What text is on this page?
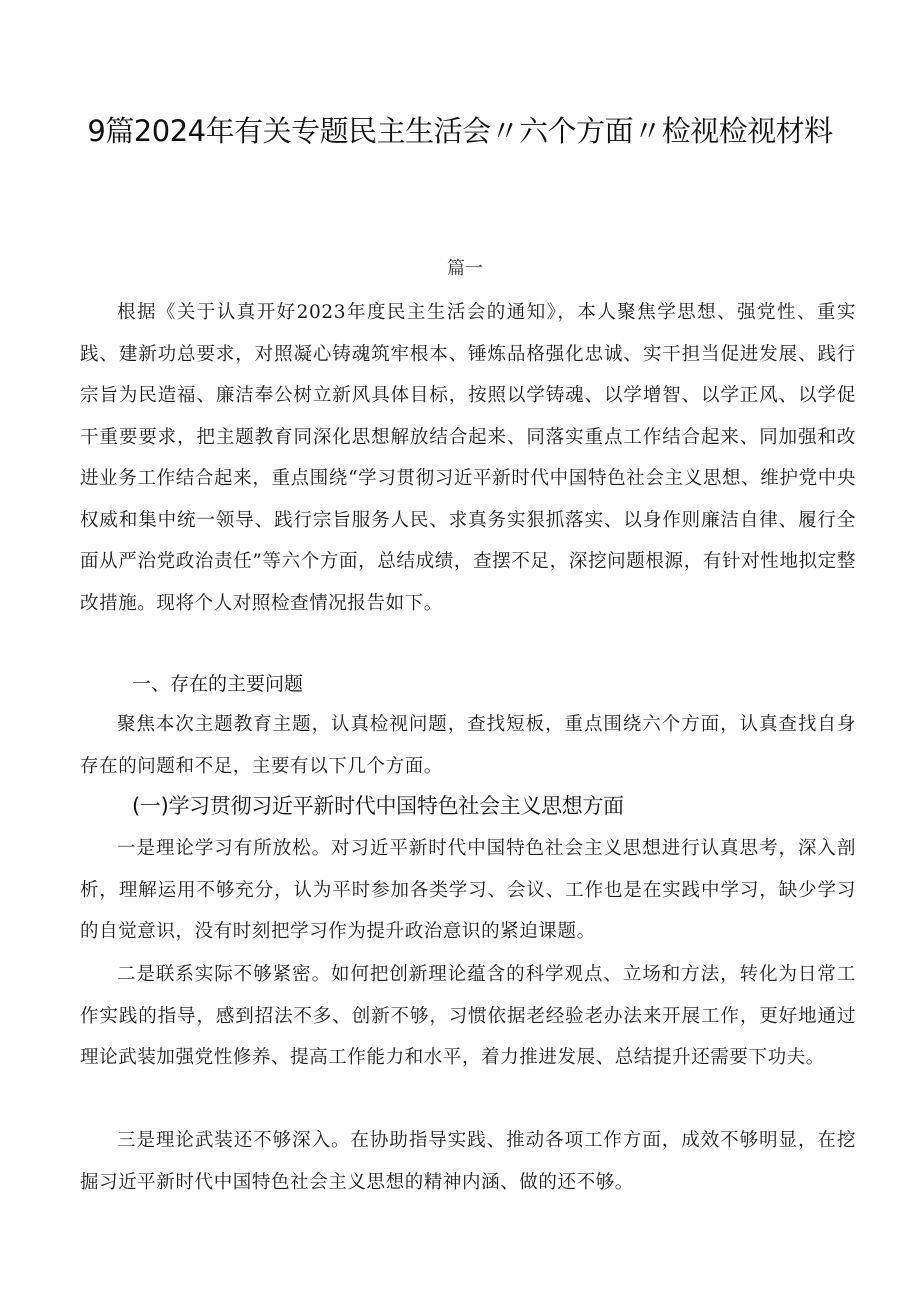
9篇2024年有关专题民主生活会〃六个方面〃检视检视材料
篇一

根据《关于认真开好2023年度民主生活会的通知》，本人聚焦学思想、强党性、重实践、建新功总要求，对照凝心铸魂筑牢根本、锤炼品格强化忠诚、实干担当促进发展、践行宗旨为民造福、廉洁奉公树立新风具体目标，按照以学铸魂、以学增智、以学正风、以学促干重要要求，把主题教育同深化思想解放结合起来、同落实重点工作结合起来、同加强和改进业务工作结合起来，重点围绕“学习贯彻习近平新时代中国特色社会主义思想、维护党中央权威和集中统一领导、践行宗旨服务人民、求真务实狠抓落实、以身作则廉洁自律、履行全面从严治党政治责任”等六个方面，总结成绩，查摆不足，深挖问题根源，有针对性地拟定整改措施。现将个人对照检查情况报告如下。

一、存在的主要问题

聚焦本次主题教育主题，认真检视问题，查找短板，重点围绕六个方面，认真查找自身存在的问题和不足，主要有以下几个方面。

(一)学习贯彻习近平新时代中国特色社会主义思想方面

一是理论学习有所放松。对习近平新时代中国特色社会主义思想进行认真思考，深入剖析，理解运用不够充分，认为平时参加各类学习、会议、工作也是在实践中学习，缺少学习的自觉意识，没有时刻把学习作为提升政治意识的紧迫课题。

二是联系实际不够紧密。如何把创新理论蕴含的科学观点、立场和方法，转化为日常工作实践的指导，感到招法不多、创新不够，习惯依据老经验老办法来开展工作，更好地通过理论武装加强党性修养、提高工作能力和水平，着力推进发展、总结提升还需要下功夫。

三是理论武装还不够深入。在协助指导实践、推动各项工作方面，成效不够明显，在挖掘习近平新时代中国特色社会主义思想的精神内涵、做的还不够。
